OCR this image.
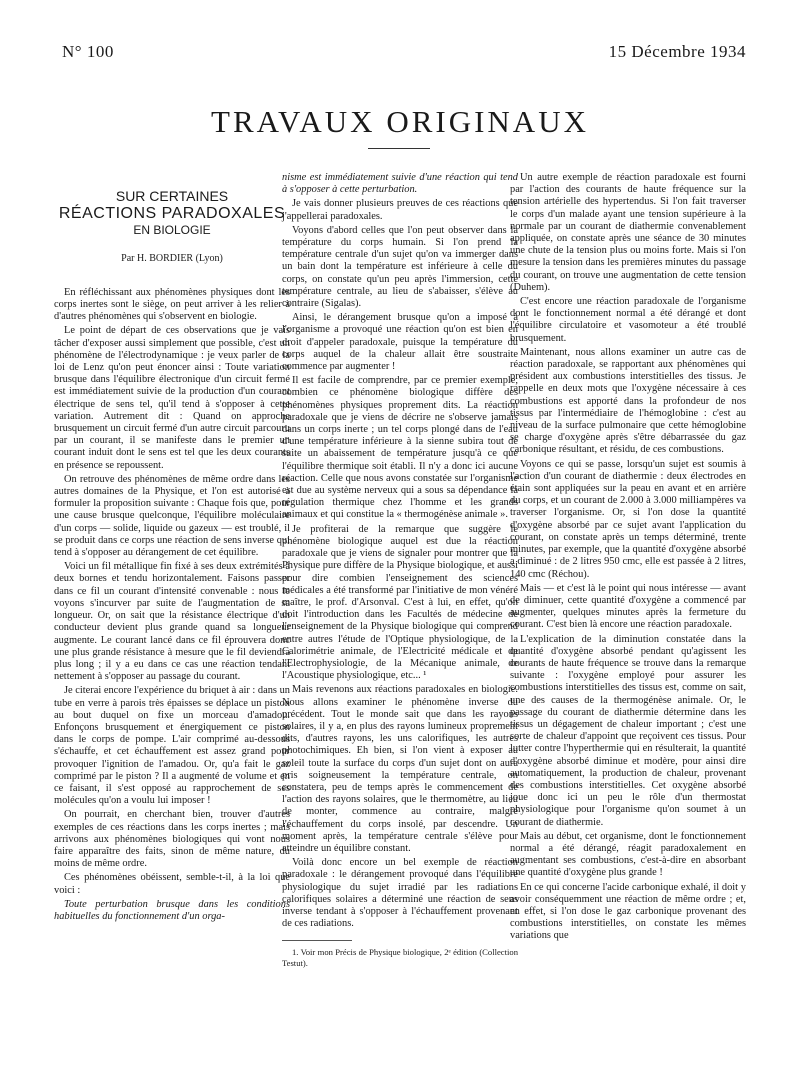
N° 100	15 Décembre 1934
TRAVAUX ORIGINAUX
SUR CERTAINES
RÉACTIONS PARADOXALES
EN BIOLOGIE
Par H. BORDIER (Lyon)

En réfléchissant aux phénomènes physiques dont les corps inertes sont le siège, on peut arriver à les relier à d'autres phénomènes qui s'observent en biologie.

Le point de départ de ces observations que je vais tâcher d'exposer aussi simplement que possible, c'est un phénomène de l'électrodynamique : je veux parler de la loi de Lenz qu'on peut énoncer ainsi : Toute variation brusque dans l'équilibre électronique d'un circuit fermé est immédiatement suivie de la production d'un courant électrique de sens tel, qu'il tend à s'opposer à cette variation. Autrement dit : Quand on approche brusquement un circuit fermé d'un autre circuit parcouru par un courant, il se manifeste dans le premier un courant induit dont le sens est tel que les deux courants en présence se repoussent.

On retrouve des phénomènes de même ordre dans les autres domaines de la Physique, et l'on est autorisé à formuler la proposition suivante : Chaque fois que, pour une cause brusque quelconque, l'équilibre moléculaire d'un corps — solide, liquide ou gazeux — est troublé, il se produit dans ce corps une réaction de sens inverse qui tend à s'opposer au dérangement de cet équilibre.

Voici un fil métallique fin fixé à ses deux extrémités à deux bornes et tendu horizontalement. Faisons passer dans ce fil un courant d'intensité convenable : nous le voyons s'incurver par suite de l'augmentation de sa longueur. Or, on sait que la résistance électrique d'un conducteur devient plus grande quand sa longueur augmente. Le courant lancé dans ce fil éprouvera donc une plus grande résistance à mesure que le fil deviendra plus long ; il y a eu dans ce cas une réaction tendant nettement à s'opposer au passage du courant.

Je citerai encore l'expérience du briquet à air : dans un tube en verre à parois très épaisses se déplace un piston au bout duquel on fixe un morceau d'amadou. Enfonçons brusquement et énergiquement ce piston dans le corps de pompe. L'air comprimé au-dessous s'échauffe, et cet échauffement est assez grand pour provoquer l'ignition de l'amadou. Or, qu'a fait le gaz comprimé par le piston ? Il a augmenté de volume et en ce faisant, il s'est opposé au rapprochement de ses molécules qu'on a voulu lui imposer !

On pourrait, en cherchant bien, trouver d'autres exemples de ces réactions dans les corps inertes ; mais arrivons aux phénomènes biologiques qui vont nous faire apparaître des faits, sinon de même nature, du moins de même ordre.

Ces phénomènes obéissent, semble-t-il, à la loi que voici :

Toute perturbation brusque dans les conditions habituelles du fonctionnement d'un orga-

nisme est immédiatement suivie d'une réaction qui tend à s'opposer à cette perturbation.

Je vais donner plusieurs preuves de ces réactions que j'appellerai paradoxales.

Voyons d'abord celles que l'on peut observer dans la température du corps humain. Si l'on prend la température centrale d'un sujet qu'on va immerger dans un bain dont la température est inférieure à celle du corps, on constate qu'un peu après l'immersion, cette température centrale, au lieu de s'abaisser, s'élève au contraire (Sigalas).

Ainsi, le dérangement brusque qu'on a imposé à l'organisme a provoqué une réaction qu'on est bien en droit d'appeler paradoxale, puisque la température du corps auquel de la chaleur allait être soustraite commence par augmenter !

Il est facile de comprendre, par ce premier exemple, combien ce phénomène biologique diffère des phénomènes physiques proprement dits. La réaction paradoxale que je viens de décrire ne s'observe jamais dans un corps inerte ; un tel corps plongé dans de l'eau d'une température inférieure à la sienne subira tout de suite un abaissement de température jusqu'à ce que l'équilibre thermique soit établi. Il n'y a donc ici aucune réaction. Celle que nous avons constatée sur l'organisme est due au système nerveux qui a sous sa dépendance la régulation thermique chez l'homme et les grands animaux et qui constitue la « thermogénèse animale ».

Je profiterai de la remarque que suggère le phénomène biologique auquel est due la réaction paradoxale que je viens de signaler pour montrer que la Physique pure diffère de la Physique biologique, et aussi pour dire combien l'enseignement des sciences médicales a été transformé par l'initiative de mon vénéré maître, le prof. d'Arsonval. C'est à lui, en effet, qu'on doit l'introduction dans les Facultés de médecine de l'enseignement de la Physique biologique qui comprend entre autres l'étude de l'Optique physiologique, de la Calorimétrie animale, de l'Electricité médicale et de l'Electrophysiologie, de la Mécanique animale, de l'Acoustique physiologique, etc... ¹

Mais revenons aux réactions paradoxales en biologie. Nous allons examiner le phénomène inverse du précédent. Tout le monde sait que dans les rayons solaires, il y a, en plus des rayons lumineux proprement dits, d'autres rayons, les uns calorifiques, les autres photochimiques. Eh bien, si l'on vient à exposer au soleil toute la surface du corps d'un sujet dont on aura pris soigneusement la température centrale, on constatera, peu de temps après le commencement de l'action des rayons solaires, que le thermomètre, au lieu de monter, commence au contraire, malgré l'échauffement du corps insolé, par descendre. Un moment après, la température centrale s'élève pour atteindre un équilibre constant.

Voilà donc encore un bel exemple de réaction paradoxale : le dérangement provoqué dans l'équilibre physiologique du sujet irradié par les radiations calorifiques solaires a déterminé une réaction de sens inverse tendant à s'opposer à l'échauffement provenant de ces radiations.

1. Voir mon Précis de Physique biologique, 2ᵉ édition (Collection Testut).

Un autre exemple de réaction paradoxale est fourni par l'action des courants de haute fréquence sur la tension artérielle des hypertendus. Si l'on fait traverser le corps d'un malade ayant une tension supérieure à la normale par un courant de diathermie convenablement appliquée, on constate après une séance de 30 minutes une chute de la tension plus ou moins forte. Mais si l'on mesure la tension dans les premières minutes du passage du courant, on trouve une augmentation de cette tension (Duhem).

C'est encore une réaction paradoxale de l'organisme dont le fonctionnement normal a été dérangé et dont l'équilibre circulatoire et vasomoteur a été troublé brusquement.

Maintenant, nous allons examiner un autre cas de réaction paradoxale, se rapportant aux phénomènes qui président aux combustions interstitielles des tissus. Je rappelle en deux mots que l'oxygène nécessaire à ces combustions est apporté dans la profondeur de nos tissus par l'intermédiaire de l'hémoglobine : c'est au niveau de la surface pulmonaire que cette hémoglobine se charge d'oxygène après s'être débarrassée du gaz carbonique résultant, et résidu, de ces combustions.

Voyons ce qui se passe, lorsqu'un sujet est soumis à l'action d'un courant de diathermie : deux électrodes en étain sont appliquées sur la peau en avant et en arrière du corps, et un courant de 2.000 à 3.000 milliampères va traverser l'organisme. Or, si l'on dose la quantité d'oxygène absorbé par ce sujet avant l'application du courant, on constate après un temps déterminé, trente minutes, par exemple, que la quantité d'oxygène absorbé a diminué : de 2 litres 950 cmc, elle est passée à 2 litres, 140 cmc (Réchou).

Mais — et c'est là le point qui nous intéresse — avant de diminuer, cette quantité d'oxygène a commencé par augmenter, quelques minutes après la fermeture du courant. C'est bien là encore une réaction paradoxale.

L'explication de la diminution constatée dans la quantité d'oxygène absorbé pendant qu'agissent les courants de haute fréquence se trouve dans la remarque suivante : l'oxygène employé pour assurer les combustions interstitielles des tissus est, comme on sait, une des causes de la thermogénèse animale. Or, le passage du courant de diathermie détermine dans les tissus un dégagement de chaleur important ; c'est une sorte de chaleur d'appoint que reçoivent ces tissus. Pour lutter contre l'hyperthermie qui en résulterait, la quantité d'oxygène absorbé diminue et modère, pour ainsi dire automatiquement, la production de chaleur, provenant des combustions interstitielles. Cet oxygène absorbé joue donc ici un peu le rôle d'un thermostat physiologique pour l'organisme qu'on soumet à un courant de diathermie.

Mais au début, cet organisme, dont le fonctionnement normal a été dérangé, réagit paradoxalement en augmentant ses combustions, c'est-à-dire en absorbant une quantité d'oxygène plus grande !

En ce qui concerne l'acide carbonique exhalé, il doit y avoir conséquemment une réaction de même ordre ; et, en effet, si l'on dose le gaz carbonique provenant des combustions interstitielles, on constate les mêmes variations que
